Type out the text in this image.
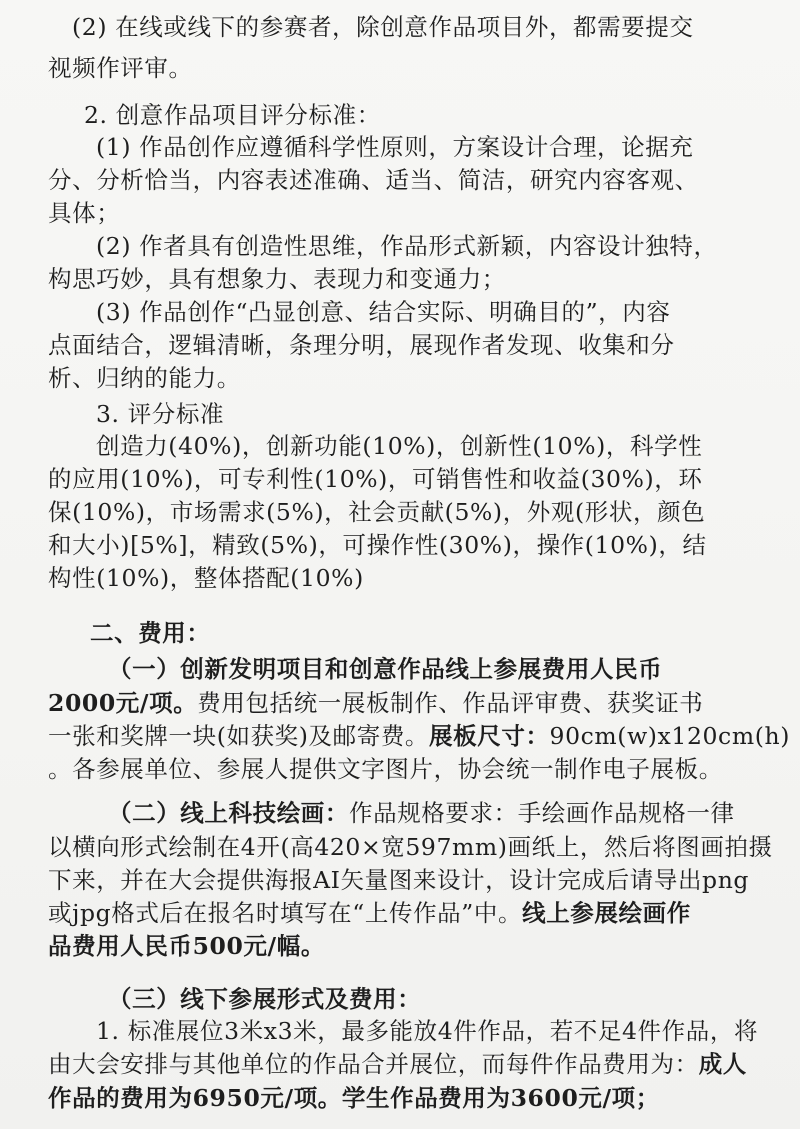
(2) 在线或线下的参赛者，除创意作品项目外，都需要提交
视频作评审。
2. 创意作品项目评分标准：
(1) 作品创作应遵循科学性原则，方案设计合理，论据充
分、分析恰当，内容表述准确、适当、简洁，研究内容客观、
具体；
(2) 作者具有创造性思维，作品形式新颖，内容设计独特，
构思巧妙，具有想象力、表现力和变通力；
(3) 作品创作“凸显创意、结合实际、明确目的”，内容
点面结合，逻辑清晰，条理分明，展现作者发现、收集和分
析、归纳的能力。
3. 评分标准
创造力(40%)，创新功能(10%)，创新性(10%)，科学性
的应用(10%)，可专利性(10%)，可销售性和收益(30%)，环
保(10%)，市场需求(5%)，社会贡献(5%)，外观(形状，颜色
和大小)[5%]，精致(5%)，可操作性(30%)，操作(10%)，结
构性(10%)，整体搭配(10%)
二、费用：
（一）创新发明项目和创意作品线上参展费用人民币
2000元/项。费用包括统一展板制作、作品评审费、获奖证书
一张和奖牌一块(如获奖)及邮寄费。展板尺寸：90cm(w)x120cm(h)
。各参展单位、参展人提供文字图片，协会统一制作电子展板。
（二）线上科技绘画：作品规格要求：手绘画作品规格一律
以横向形式绘制在4开(高420×宽597mm)画纸上，然后将图画拍摄
下来，并在大会提供海报AI矢量图来设计，设计完成后请导出png
或jpg格式后在报名时填写在“上传作品”中。线上参展绘画作
品费用人民币500元/幅。
（三）线下参展形式及费用：
1. 标准展位3米x3米，最多能放4件作品，若不足4件作品，将
由大会安排与其他单位的作品合并展位，而每件作品费用为：成人
作品的费用为6950元/项。学生作品费用为3600元/项；
